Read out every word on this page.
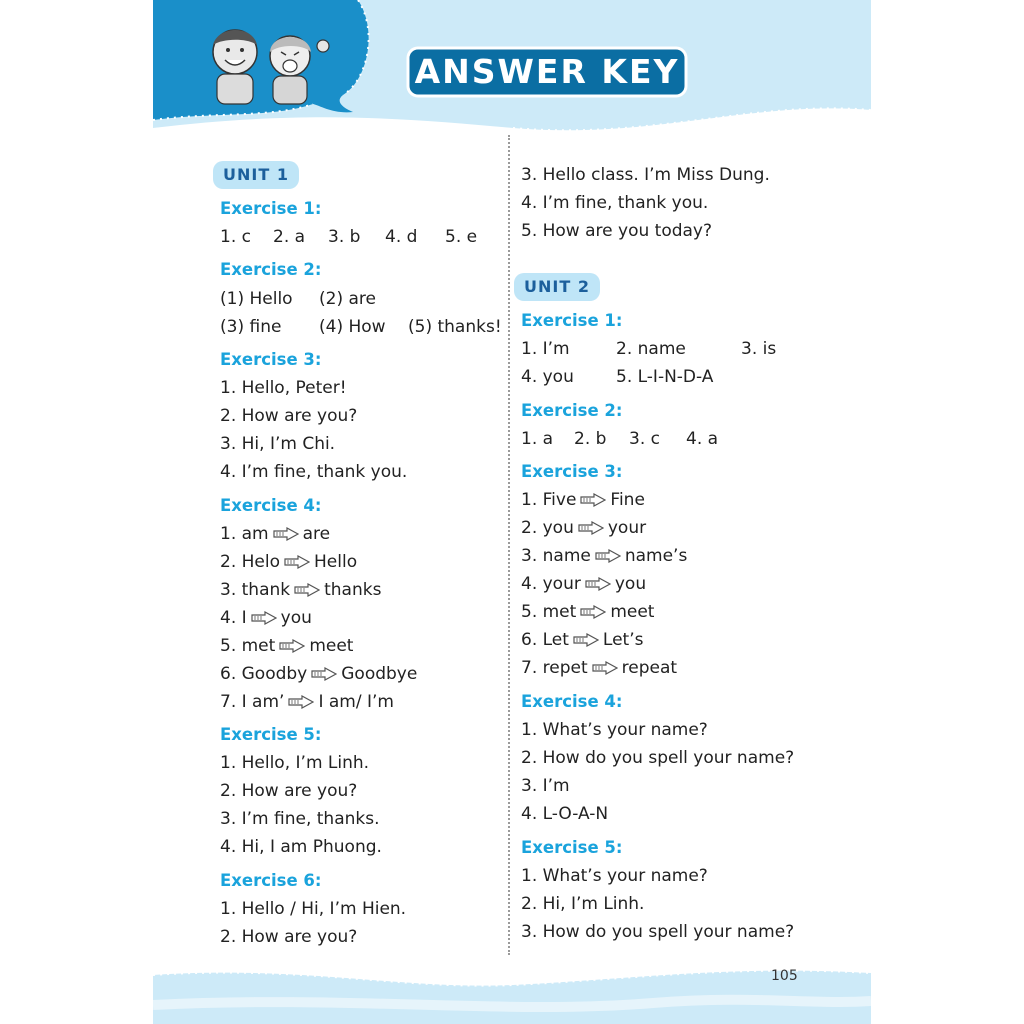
ANSWER KEY
UNIT 1
Exercise 1:
1. c 2. a 3. b 4. d 5. e
Exercise 2:
(1) Hello (2) are
(3) fine (4) How (5) thanks!
Exercise 3:
1. Hello, Peter!
2. How are you?
3. Hi, I’m Chi.
4. I’m fine, thank you.
Exercise 4:
1. am are
2. Helo Hello
3. thank thanks
4. I you
5. met meet
6. Goodby Goodbye
7. I am’ I am/ I’m
Exercise 5:
1. Hello, I’m Linh.
2. How are you?
3. I’m fine, thanks.
4. Hi, I am Phuong.
Exercise 6:
1. Hello / Hi, I’m Hien.
2. How are you?
3. Hello class. I’m Miss Dung.
4. I’m fine, thank you.
5. How are you today?
UNIT 2
Exercise 1:
1. I’m	2. name	3. is
4. you 5. L-I-N-D-A
Exercise 2:
1. a 2. b 3. c 4. a
Exercise 3:
1. Five Fine
2. you your
3. name name’s
4. your you
5. met meet
6. Let Let’s
7. repet repeat
Exercise 4:
1. What’s your name?
2. How do you spell your name?
3. I’m
4. L-O-A-N
Exercise 5:
1. What’s your name?
2. Hi, I’m Linh.
3. How do you spell your name?
105
